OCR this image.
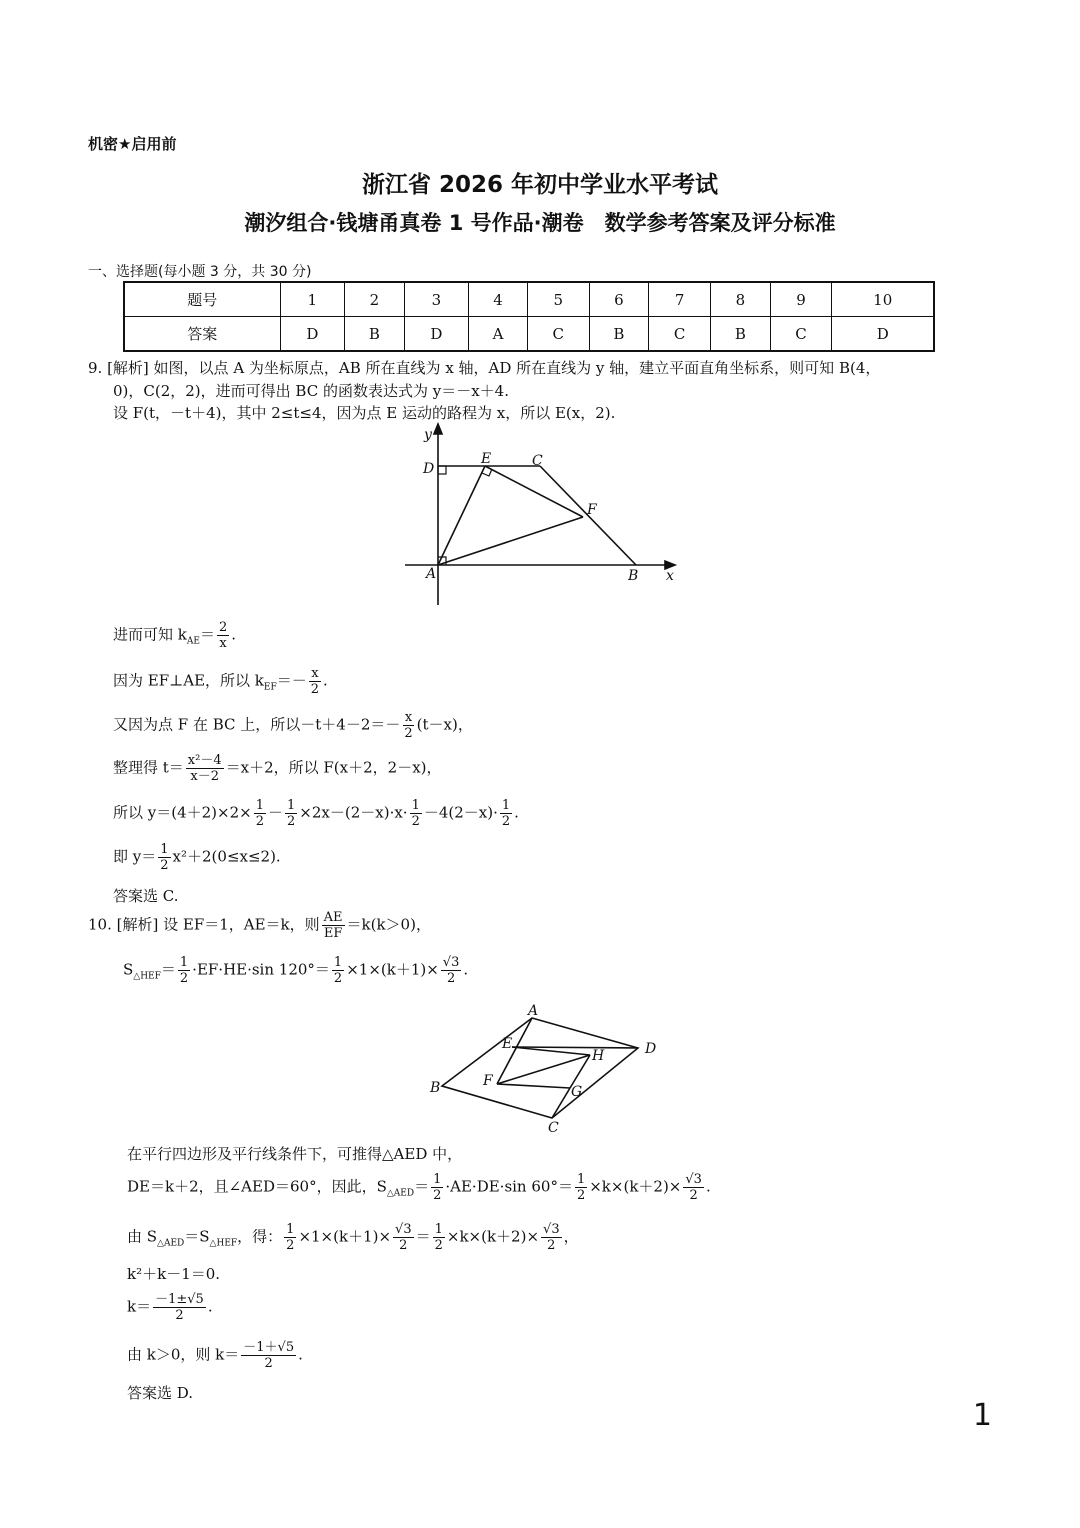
机密★启用前
浙江省 2026 年初中学业水平考试
潮汐组合·钱塘甬真卷 1 号作品·潮卷　数学参考答案及评分标准
一、选择题(每小题 3 分，共 30 分)
题号	1	2	3	4	5	6	7	8	9	10
答案	D	B	D	A	C	B	C	B	C	D
9. [解析] 如图，以点 A 为坐标原点，AB 所在直线为 x 轴，AD 所在直线为 y 轴，建立平面直角坐标系，则可知 B(4，
0)，C(2，2)，进而可得出 BC 的函数表达式为 y＝－x＋4.
设 F(t，－t＋4)，其中 2≤t≤4，因为点 E 运动的路程为 x，所以 E(x，2).
y
D
E	C
F
A	B x
进而可知 $k_{AE}= \frac{2}{x}$ .
因为 EF⊥AE，所以 $k_{EF}=- \frac{x}{2}$ .
又因为点 F 在 BC 上，所以$-t+4-2=- \frac{x}{2} (t-x)$，
整理得 $t= \frac{\text{x²－4}}{x-2} =x+2$，所以 F(x＋2，2－x)，
所以 $y=(4+2)\times 2\times \frac{1}{2} - \frac{1}{2} \times 2x-(2-x)\cdot x\cdot \frac{1}{2} -4(2-x)\cdot \frac{1}{2}$ .
即 $y= \frac{1}{2} x^2+2(0\le x\le 2)$.
答案选 C.
10. [解析] 设 EF＝1，AE＝k，则 $\frac{AE}{EF} =k(k>0)$，
$S_{\triangle HEF}= \frac{1}{2} \cdot EF\cdot HE\cdot\sin$ $120^\circ= \frac{1}{2} \times 1\times(k+1)\times \frac{√3}{2}$ .
A
D
E
H
F
G
B
C
在平行四边形及平行线条件下，可推得△AED 中，
DE＝k＋2，且∠AED＝60°，因此，$S_{\triangle AED}= \frac{1}{2} \cdot AE\cdot DE\cdot\sin$ $60^\circ= \frac{1}{2} \times k\times(k+2)\times \frac{√3}{2}$ .
由 $S_{\triangle AED}=S_{\triangle HEF}$，得： $\frac{1}{2} \times 1\times(k+1)\times \frac{√3}{2} = \frac{1}{2} \times k\times(k+2)\times \frac{√3}{2}$ ，
k²＋k－1＝0.
$k= \frac{-1\pm√5}{2}$ .
由 k＞0，则 $k= \frac{-1+√5}{2}$ .
答案选 D.
1
